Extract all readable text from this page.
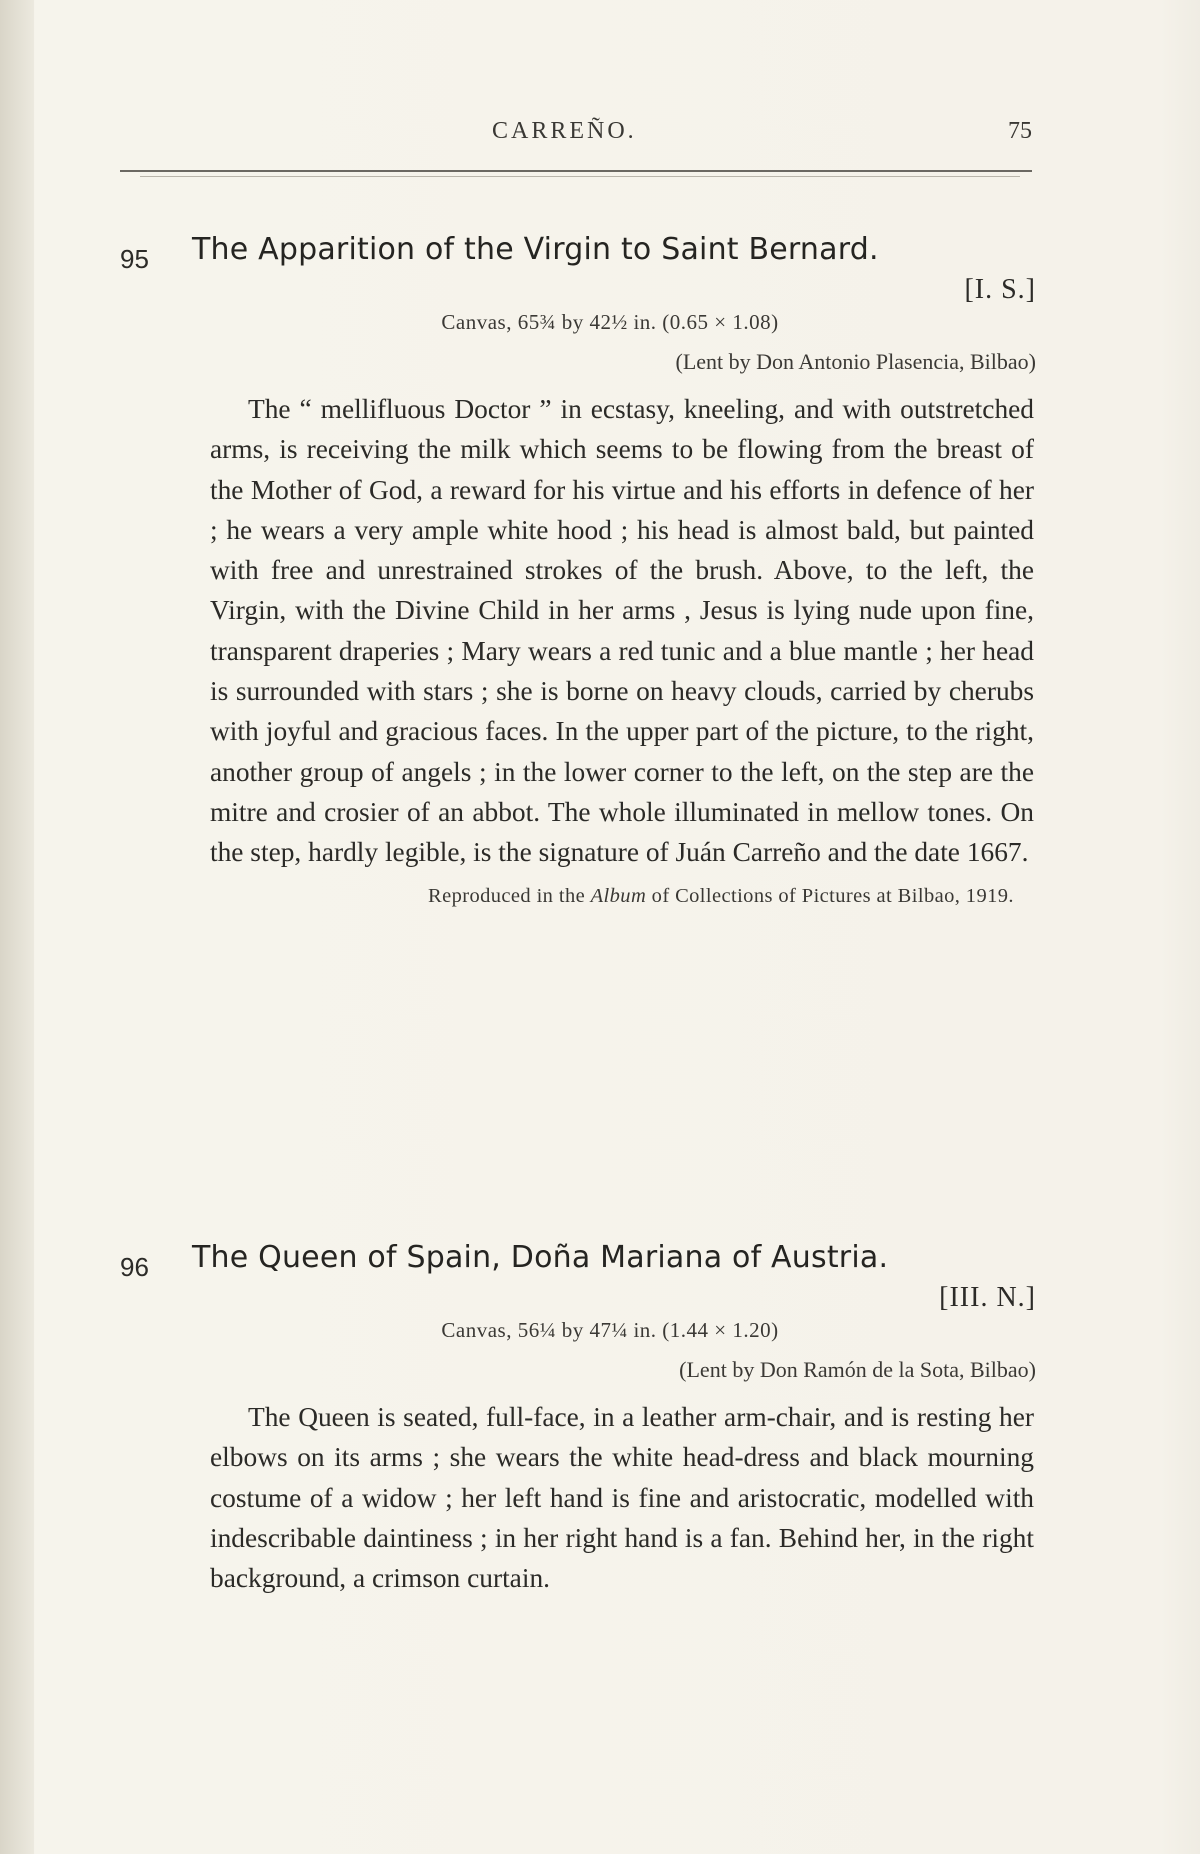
CARREÑO.	75
95 The Apparition of the Virgin to Saint Bernard.
[I. S.]
Canvas, 65¾ by 42½ in. (0.65 × 1.08)
(Lent by Don Antonio Plasencia, Bilbao)
The “ mellifluous Doctor ” in ecstasy, kneeling, and with outstretched arms, is receiving the milk which seems to be flowing from the breast of the Mother of God, a reward for his virtue and his efforts in defence of her ; he wears a very ample white hood ; his head is almost bald, but painted with free and unrestrained strokes of the brush. Above, to the left, the Virgin, with the Divine Child in her arms , Jesus is lying nude upon fine, transparent draperies ; Mary wears a red tunic and a blue mantle ; her head is surrounded with stars ; she is borne on heavy clouds, carried by cherubs with joyful and gracious faces. In the upper part of the picture, to the right, another group of angels ; in the lower corner to the left, on the step are the mitre and crosier of an abbot. The whole illuminated in mellow tones. On the step, hardly legible, is the signature of Juán Carreño and the date 1667.
Reproduced in the Album of Collections of Pictures at Bilbao, 1919.
96 The Queen of Spain, Doña Mariana of Austria.
[III. N.]
Canvas, 56¼ by 47¼ in. (1.44 × 1.20)
(Lent by Don Ramón de la Sota, Bilbao)
The Queen is seated, full-face, in a leather arm-chair, and is resting her elbows on its arms ; she wears the white head-dress and black mourning costume of a widow ; her left hand is fine and aristocratic, modelled with indescribable daintiness ; in her right hand is a fan. Behind her, in the right background, a crimson curtain.
